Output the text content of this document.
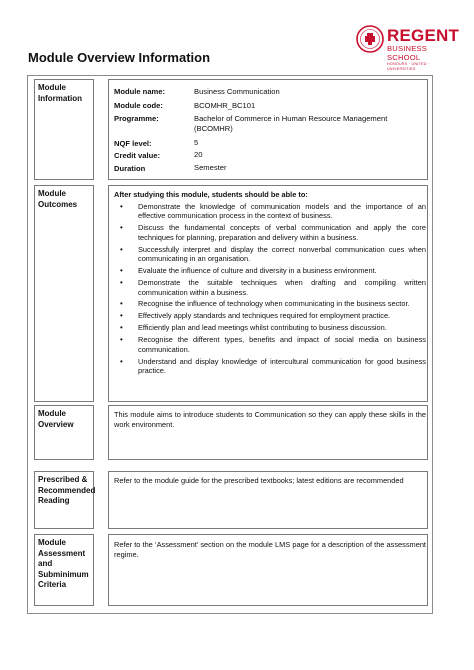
REGENT
BUSINESS SCHOOL
HONOURS · UNITED · UNIVERSITIES
Module Overview Information
Module
Information
Module name:	Business Communication
Module code:	BCOMHR_BC101
Programme:	Bachelor of Commerce in Human Resource Management (BCOMHR)
NQF level:	5
Credit value:	20
Duration	Semester
Module
Outcomes

After studying this module, students should be able to:

• Demonstrate the knowledge of communication models and the importance of an effective communication process in the context of business.
• Discuss the fundamental concepts of verbal communication and apply the core techniques for planning, preparation and delivery within a business.
• Successfully interpret and display the correct nonverbal communication cues when communicating in an organisation.
• Evaluate the influence of culture and diversity in a business environment.
• Demonstrate the suitable techniques when drafting and compiling written communication within a business.
• Recognise the influence of technology when communicating in the business sector.
• Effectively apply standards and techniques required for employment practice.
• Efficiently plan and lead meetings whilst contributing to business discussion.
• Recognise the different types, benefits and impact of social media on business communication.
• Understand and display knowledge of intercultural communication for good business practice.
Module
Overview

This module aims to introduce students to Communication so they can apply these skills in the work environment.

Prescribed &
Recommended
Reading

Refer to the module guide for the prescribed textbooks; latest editions are recommended

Module
Assessment
and
Subminimum
Criteria

Refer to the ‘Assessment’ section on the module LMS page for a description of the assessment regime.
